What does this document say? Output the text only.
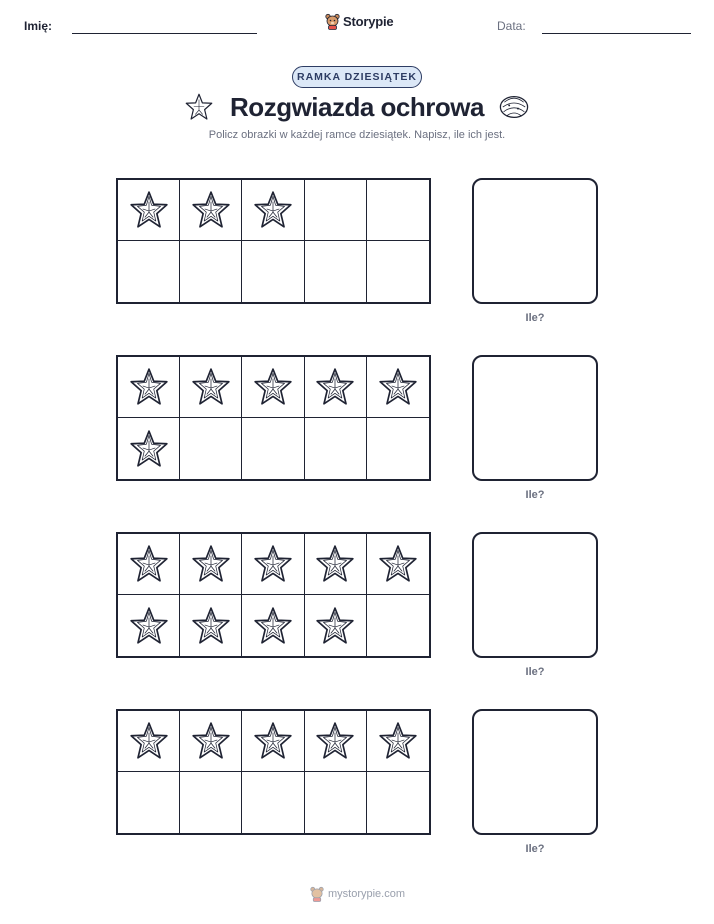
Imię:	Storypie	Data:
RAMKA DZIESIĄTEK
Rozgwiazda ochrowa
Policz obrazki w każdej ramce dziesiątek. Napisz, ile ich jest.
Ile?
Ile?
Ile?
Ile?
mystorypie.com
